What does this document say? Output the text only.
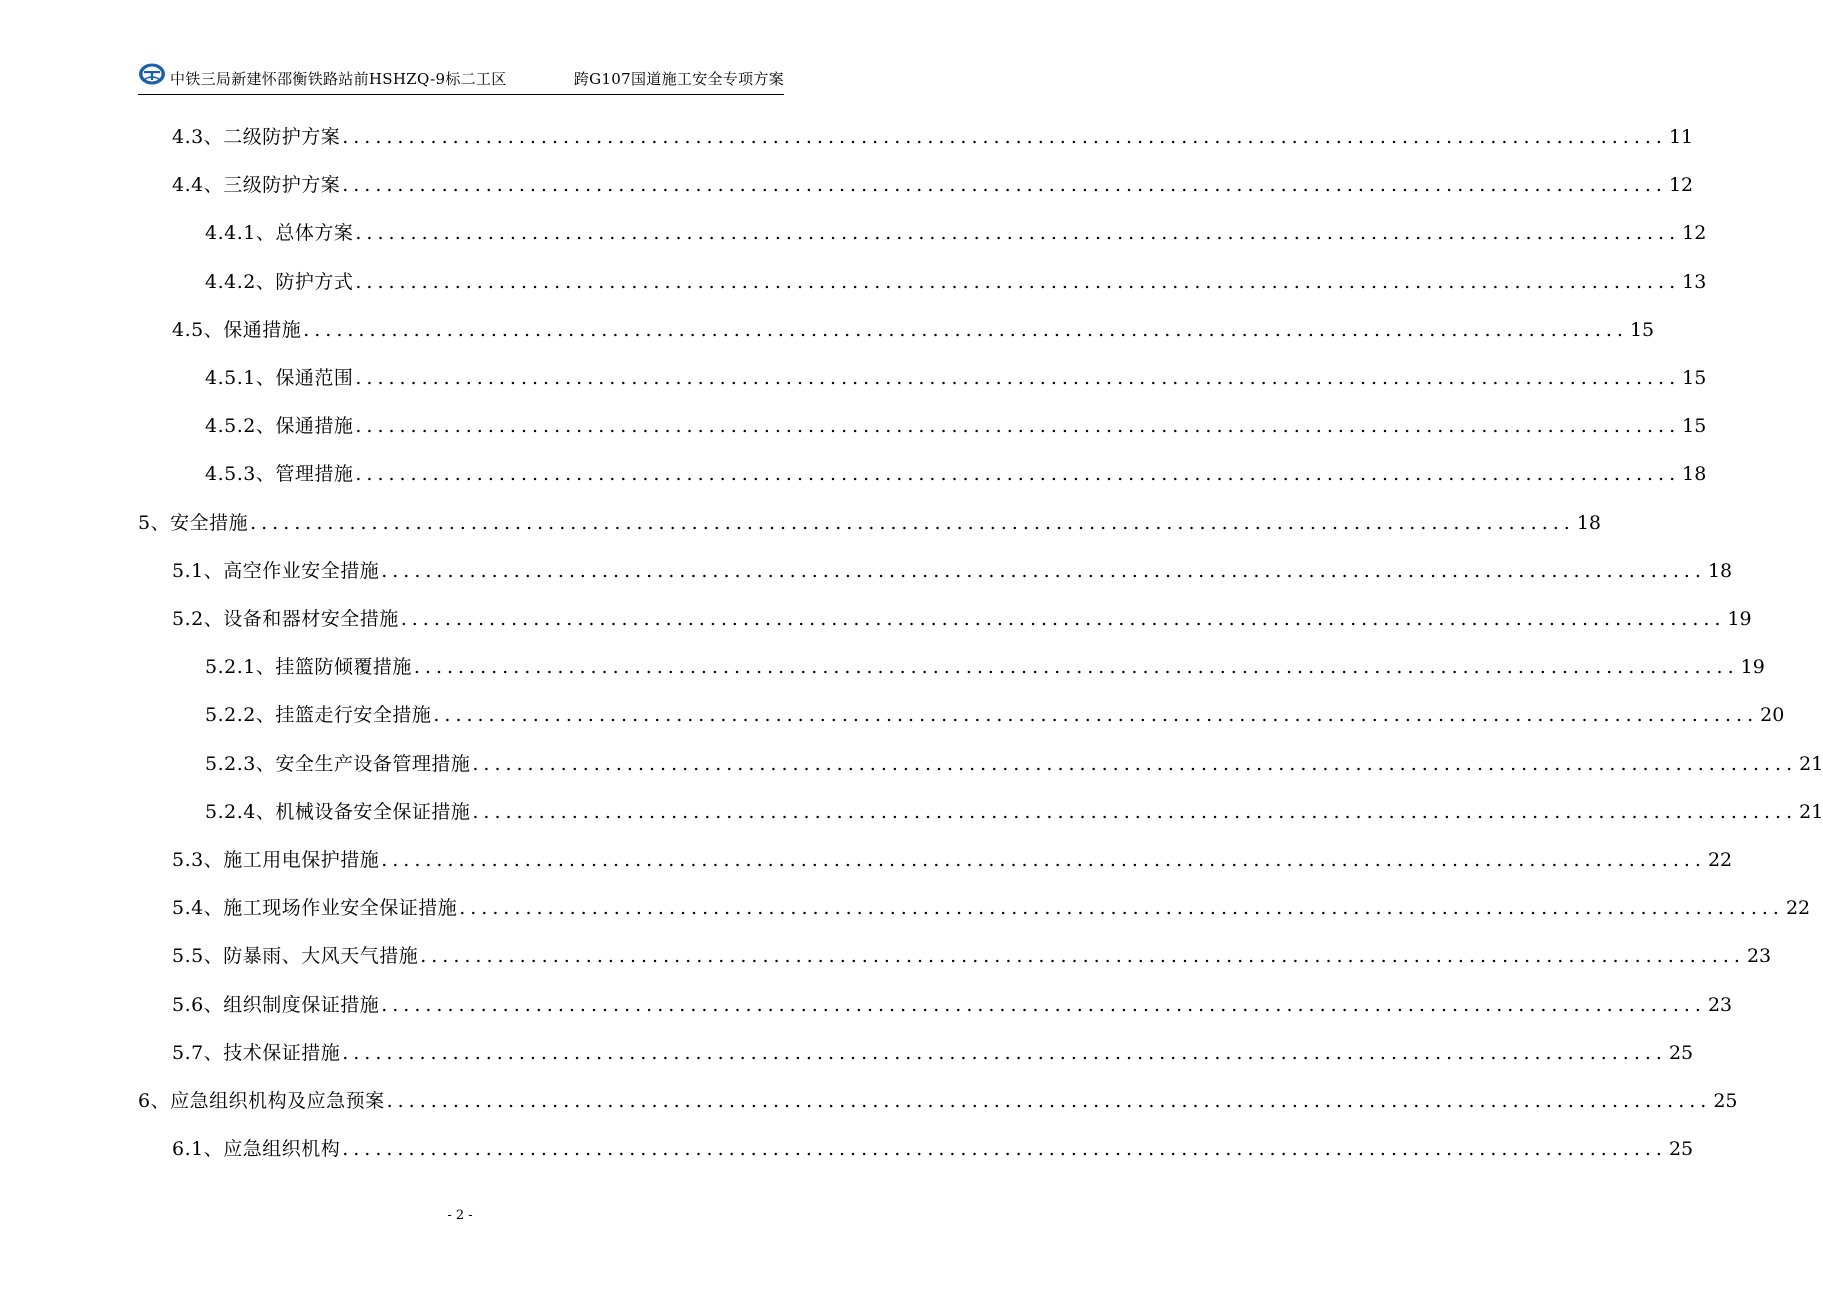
中铁三局新建怀邵衡铁路站前HSHZQ-9标二工区	跨G107国道施工安全专项方案
4.3、二级防护方案 ........................................................................................................................ 11
4.4、三级防护方案 ........................................................................................................................ 12
4.4.1、总体方案 ........................................................................................................................ 12
4.4.2、防护方式 ........................................................................................................................ 13
4.5、保通措施 ........................................................................................................................ 15
4.5.1、保通范围 ........................................................................................................................ 15
4.5.2、保通措施 ........................................................................................................................ 15
4.5.3、管理措施 ........................................................................................................................ 18
5、安全措施 ........................................................................................................................ 18
5.1、高空作业安全措施 ........................................................................................................................ 18
5.2、设备和器材安全措施 ........................................................................................................................ 19
5.2.1、挂篮防倾覆措施 ........................................................................................................................ 19
5.2.2、挂篮走行安全措施 ........................................................................................................................ 20
5.2.3、安全生产设备管理措施 ........................................................................................................................ 21
5.2.4、机械设备安全保证措施 ........................................................................................................................ 21
5.3、施工用电保护措施 ........................................................................................................................ 22
5.4、施工现场作业安全保证措施 ........................................................................................................................ 22
5.5、防暴雨、大风天气措施 ........................................................................................................................ 23
5.6、组织制度保证措施 ........................................................................................................................ 23
5.7、技术保证措施 ........................................................................................................................ 25
6、应急组织机构及应急预案 ........................................................................................................................ 25
6.1、应急组织机构 ........................................................................................................................ 25
- 2 -
